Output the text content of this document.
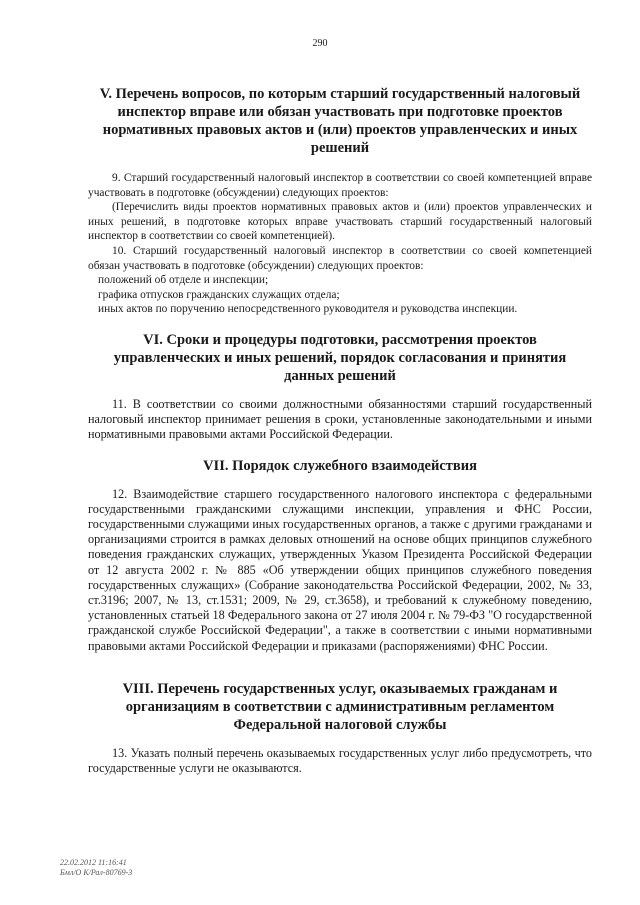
290
V. Перечень вопросов, по которым старший государственный налоговый инспектор вправе или обязан участвовать при подготовке проектов нормативных правовых актов и (или) проектов управленческих и иных решений

9. Старший государственный налоговый инспектор в соответствии со своей компетенцией вправе участвовать в подготовке (обсуждении) следующих проектов:

(Перечислить виды проектов нормативных правовых актов и (или) проектов управленческих и иных решений, в подготовке которых вправе участвовать старший государственный налоговый инспектор в соответствии со своей компетенцией).

10. Старший государственный налоговый инспектор в соответствии со своей компетенцией обязан участвовать в подготовке (обсуждении) следующих проектов:

положений об отделе и инспекции;

графика отпусков гражданских служащих отдела;

иных актов по поручению непосредственного руководителя и руководства инспекции.

VI. Сроки и процедуры подготовки, рассмотрения проектов управленческих и иных решений, порядок согласования и принятия данных решений

11. В соответствии со своими должностными обязанностями старший государственный налоговый инспектор принимает решения в сроки, установленные законодательными и иными нормативными правовыми актами Российской Федерации.

VII. Порядок служебного взаимодействия

12. Взаимодействие старшего государственного налогового инспектора с федеральными государственными гражданскими служащими инспекции, управления и ФНС России, государственными служащими иных государственных органов, а также с другими гражданами и организациями строится в рамках деловых отношений на основе общих принципов служебного поведения гражданских служащих, утвержденных Указом Президента Российской Федерации от 12 августа 2002 г. № 885 «Об утверждении общих принципов служебного поведения государственных служащих» (Собрание законодательства Российской Федерации, 2002, № 33, ст.3196; 2007, № 13, ст.1531; 2009, № 29, ст.3658), и требований к служебному поведению, установленных статьей 18 Федерального закона от 27 июля 2004 г. № 79-ФЗ "О государственной гражданской службе Российской Федерации", а также в соответствии с иными нормативными правовыми актами Российской Федерации и приказами (распоряжениями) ФНС России.

VIII. Перечень государственных услуг, оказываемых гражданам и организациям в соответствии с административным регламентом Федеральной налоговой службы

13. Указать полный перечень оказываемых государственных услуг либо предусмотреть, что государственные услуги не оказываются.

22.02.2012 11:16:41
Бмл/О К/Рал-80769-3
